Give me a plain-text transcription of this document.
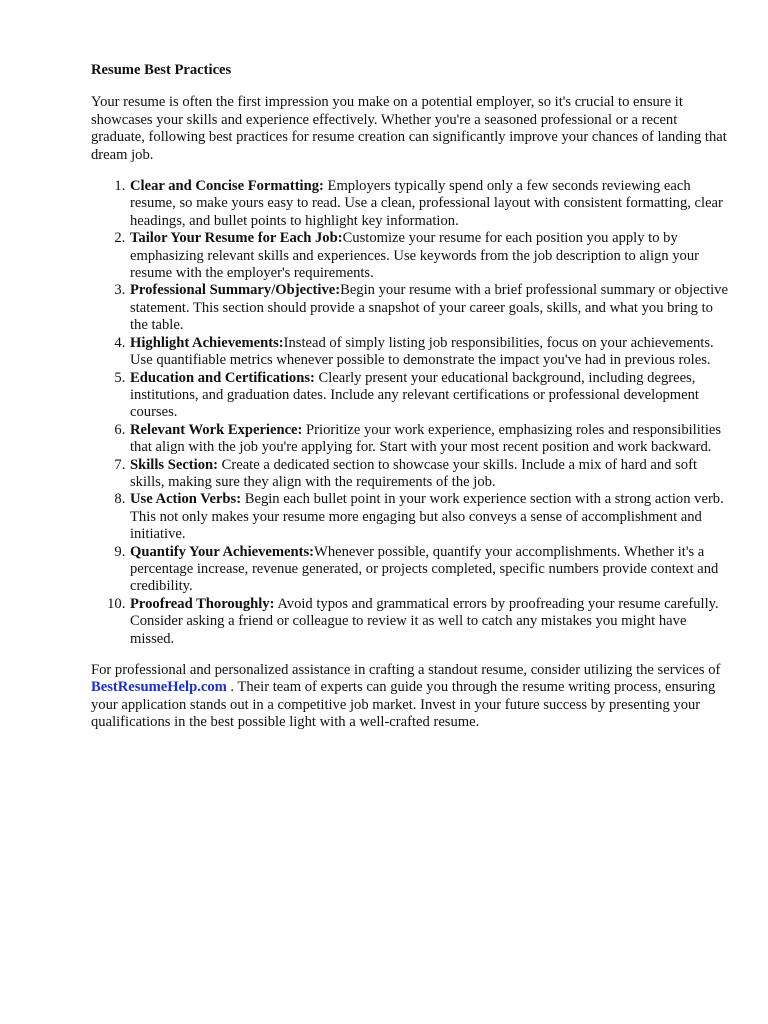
Resume Best Practices

Your resume is often the first impression you make on a potential employer, so it's crucial to ensure it showcases your skills and experience effectively. Whether you're a seasoned professional or a recent graduate, following best practices for resume creation can significantly improve your chances of landing that dream job.

1. Clear and Concise Formatting: Employers typically spend only a few seconds reviewing each resume, so make yours easy to read. Use a clean, professional layout with consistent formatting, clear headings, and bullet points to highlight key information.
2. Tailor Your Resume for Each Job:Customize your resume for each position you apply to by emphasizing relevant skills and experiences. Use keywords from the job description to align your resume with the employer's requirements.
3. Professional Summary/Objective:Begin your resume with a brief professional summary or objective statement. This section should provide a snapshot of your career goals, skills, and what you bring to the table.
4. Highlight Achievements:Instead of simply listing job responsibilities, focus on your achievements. Use quantifiable metrics whenever possible to demonstrate the impact you've had in previous roles.
5. Education and Certifications: Clearly present your educational background, including degrees, institutions, and graduation dates. Include any relevant certifications or professional development courses.
6. Relevant Work Experience: Prioritize your work experience, emphasizing roles and responsibilities that align with the job you're applying for. Start with your most recent position and work backward.
7. Skills Section: Create a dedicated section to showcase your skills. Include a mix of hard and soft skills, making sure they align with the requirements of the job.
8. Use Action Verbs: Begin each bullet point in your work experience section with a strong action verb. This not only makes your resume more engaging but also conveys a sense of accomplishment and initiative.
9. Quantify Your Achievements:Whenever possible, quantify your accomplishments. Whether it's a percentage increase, revenue generated, or projects completed, specific numbers provide context and credibility.
10. Proofread Thoroughly: Avoid typos and grammatical errors by proofreading your resume carefully. Consider asking a friend or colleague to review it as well to catch any mistakes you might have missed.

For professional and personalized assistance in crafting a standout resume, consider utilizing the services of BestResumeHelp.com . Their team of experts can guide you through the resume writing process, ensuring your application stands out in a competitive job market. Invest in your future success by presenting your qualifications in the best possible light with a well-crafted resume.
